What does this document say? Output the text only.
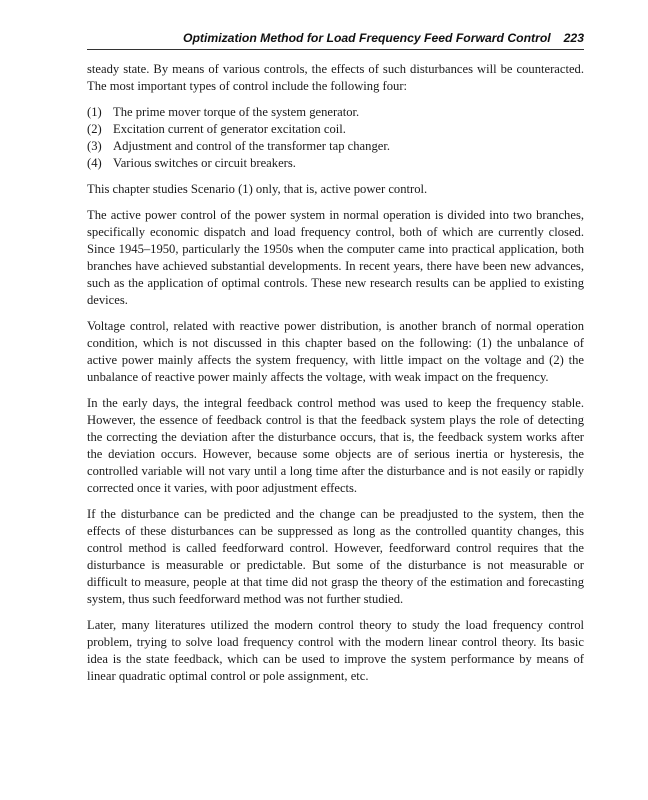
Optimization Method for Load Frequency Feed Forward Control 223

steady state. By means of various controls, the effects of such disturbances will be counteracted. The most important types of control include the following four:

(1) The prime mover torque of the system generator.
(2) Excitation current of generator excitation coil.
(3) Adjustment and control of the transformer tap changer.
(4) Various switches or circuit breakers.

This chapter studies Scenario (1) only, that is, active power control.

The active power control of the power system in normal operation is divided into two branches, specifically economic dispatch and load frequency control, both of which are currently closed. Since 1945–1950, particularly the 1950s when the computer came into practical application, both branches have achieved substantial developments. In recent years, there have been new advances, such as the application of optimal controls. These new research results can be applied to existing devices.

Voltage control, related with reactive power distribution, is another branch of normal operation condition, which is not discussed in this chapter based on the following: (1) the unbalance of active power mainly affects the system frequency, with little impact on the voltage and (2) the unbalance of reactive power mainly affects the voltage, with weak impact on the frequency.

In the early days, the integral feedback control method was used to keep the frequency stable. However, the essence of feedback control is that the feedback system plays the role of detecting the correcting the deviation after the disturbance occurs, that is, the feedback system works after the deviation occurs. However, because some objects are of serious inertia or hysteresis, the controlled variable will not vary until a long time after the disturbance and is not easily or rapidly corrected once it varies, with poor adjustment effects.

If the disturbance can be predicted and the change can be preadjusted to the system, then the effects of these disturbances can be suppressed as long as the controlled quantity changes, this control method is called feedforward control. However, feedforward control requires that the disturbance is measurable or predictable. But some of the disturbance is not measurable or difficult to measure, people at that time did not grasp the theory of the estimation and forecasting system, thus such feedforward method was not further studied.

Later, many literatures utilized the modern control theory to study the load frequency control problem, trying to solve load frequency control with the modern linear control theory. Its basic idea is the state feedback, which can be used to improve the system performance by means of linear quadratic optimal control or pole assignment, etc.
